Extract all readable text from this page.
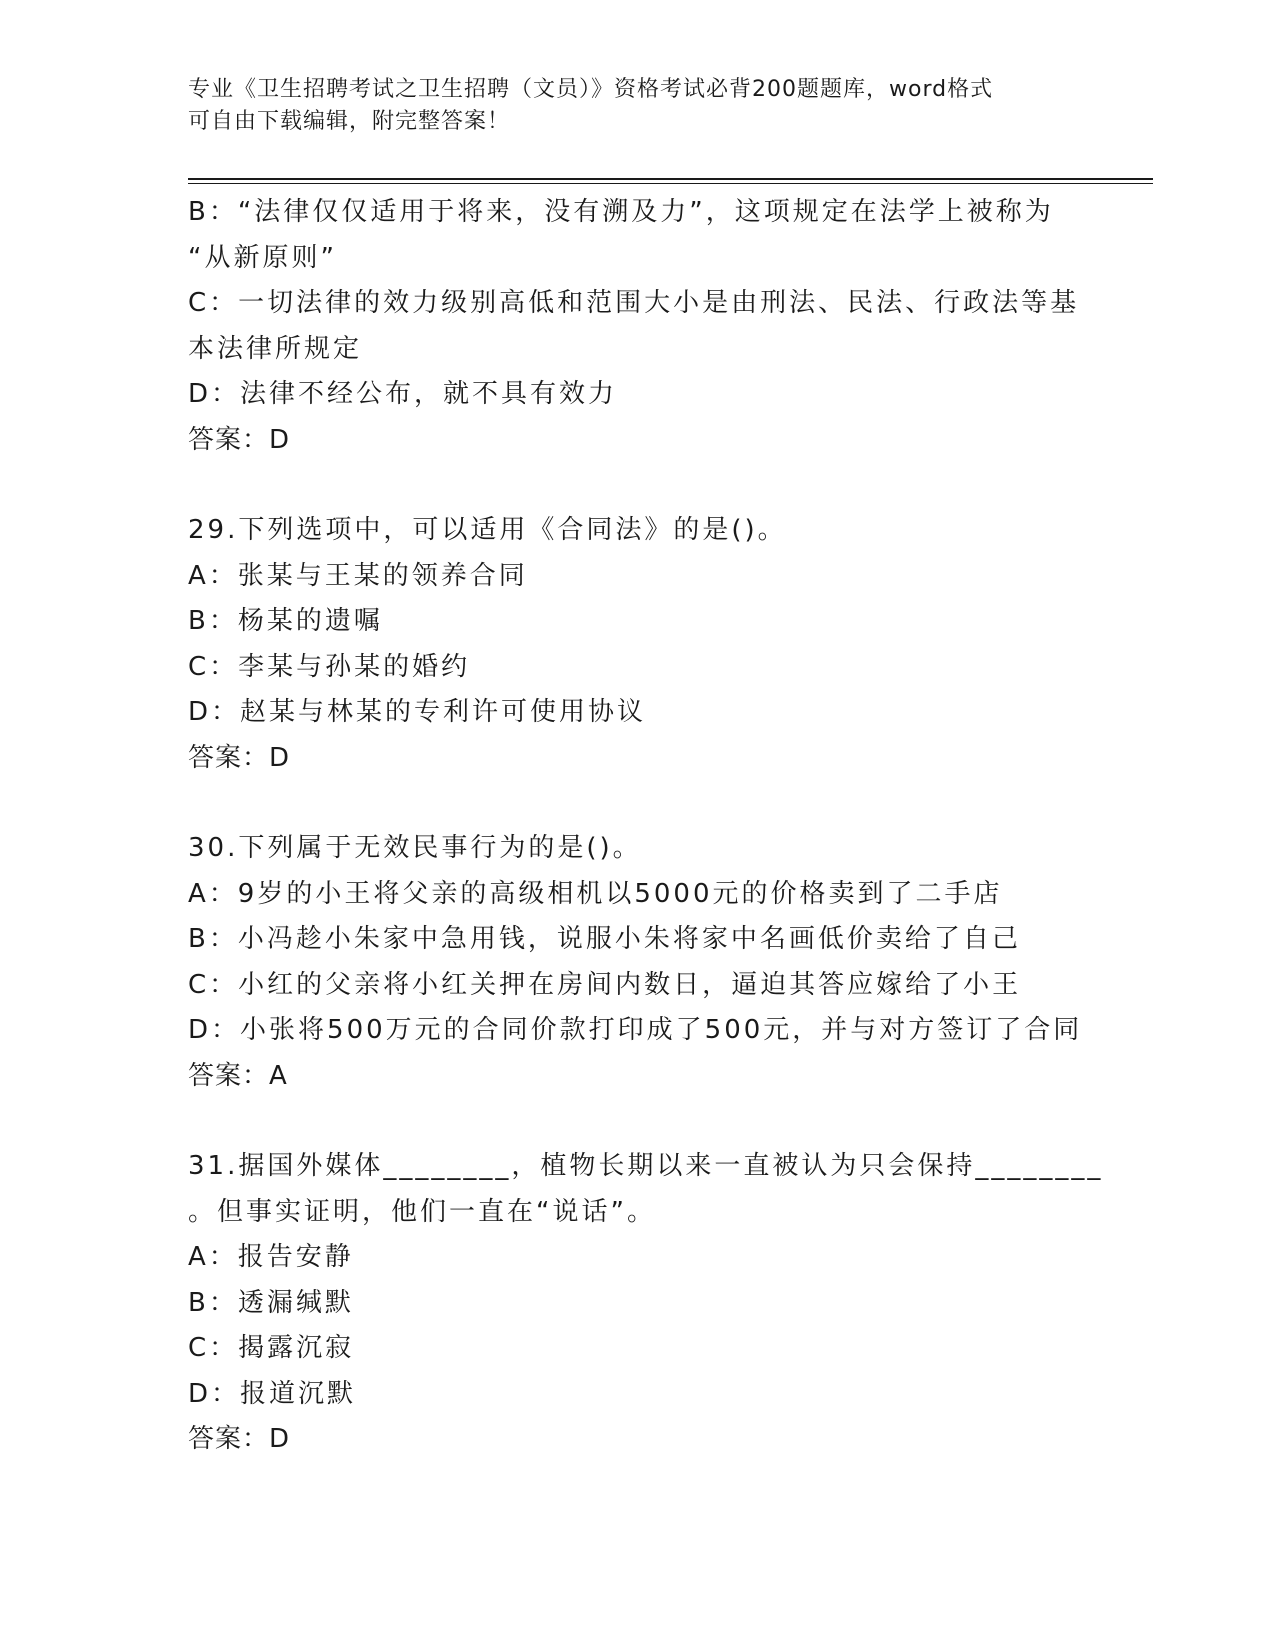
专业《卫生招聘考试之卫生招聘（文员）》资格考试必背200题题库，word格式
可自由下载编辑，附完整答案！
B：“法律仅仅适用于将来，没有溯及力”，这项规定在法学上被称为
“从新原则”
C：一切法律的效力级别高低和范围大小是由刑法、民法、行政法等基
本法律所规定
D：法律不经公布，就不具有效力
答案：D
29.下列选项中，可以适用《合同法》的是()。
A：张某与王某的领养合同
B：杨某的遗嘱
C：李某与孙某的婚约
D：赵某与林某的专利许可使用协议
答案：D
30.下列属于无效民事行为的是()。
A：9岁的小王将父亲的高级相机以5000元的价格卖到了二手店
B：小冯趁小朱家中急用钱，说服小朱将家中名画低价卖给了自己
C：小红的父亲将小红关押在房间内数日，逼迫其答应嫁给了小王
D：小张将500万元的合同价款打印成了500元，并与对方签订了合同
答案：A
31.据国外媒体________，植物长期以来一直被认为只会保持________
。但事实证明，他们一直在“说话”。
A：报告安静
B：透漏缄默
C：揭露沉寂
D：报道沉默
答案：D
